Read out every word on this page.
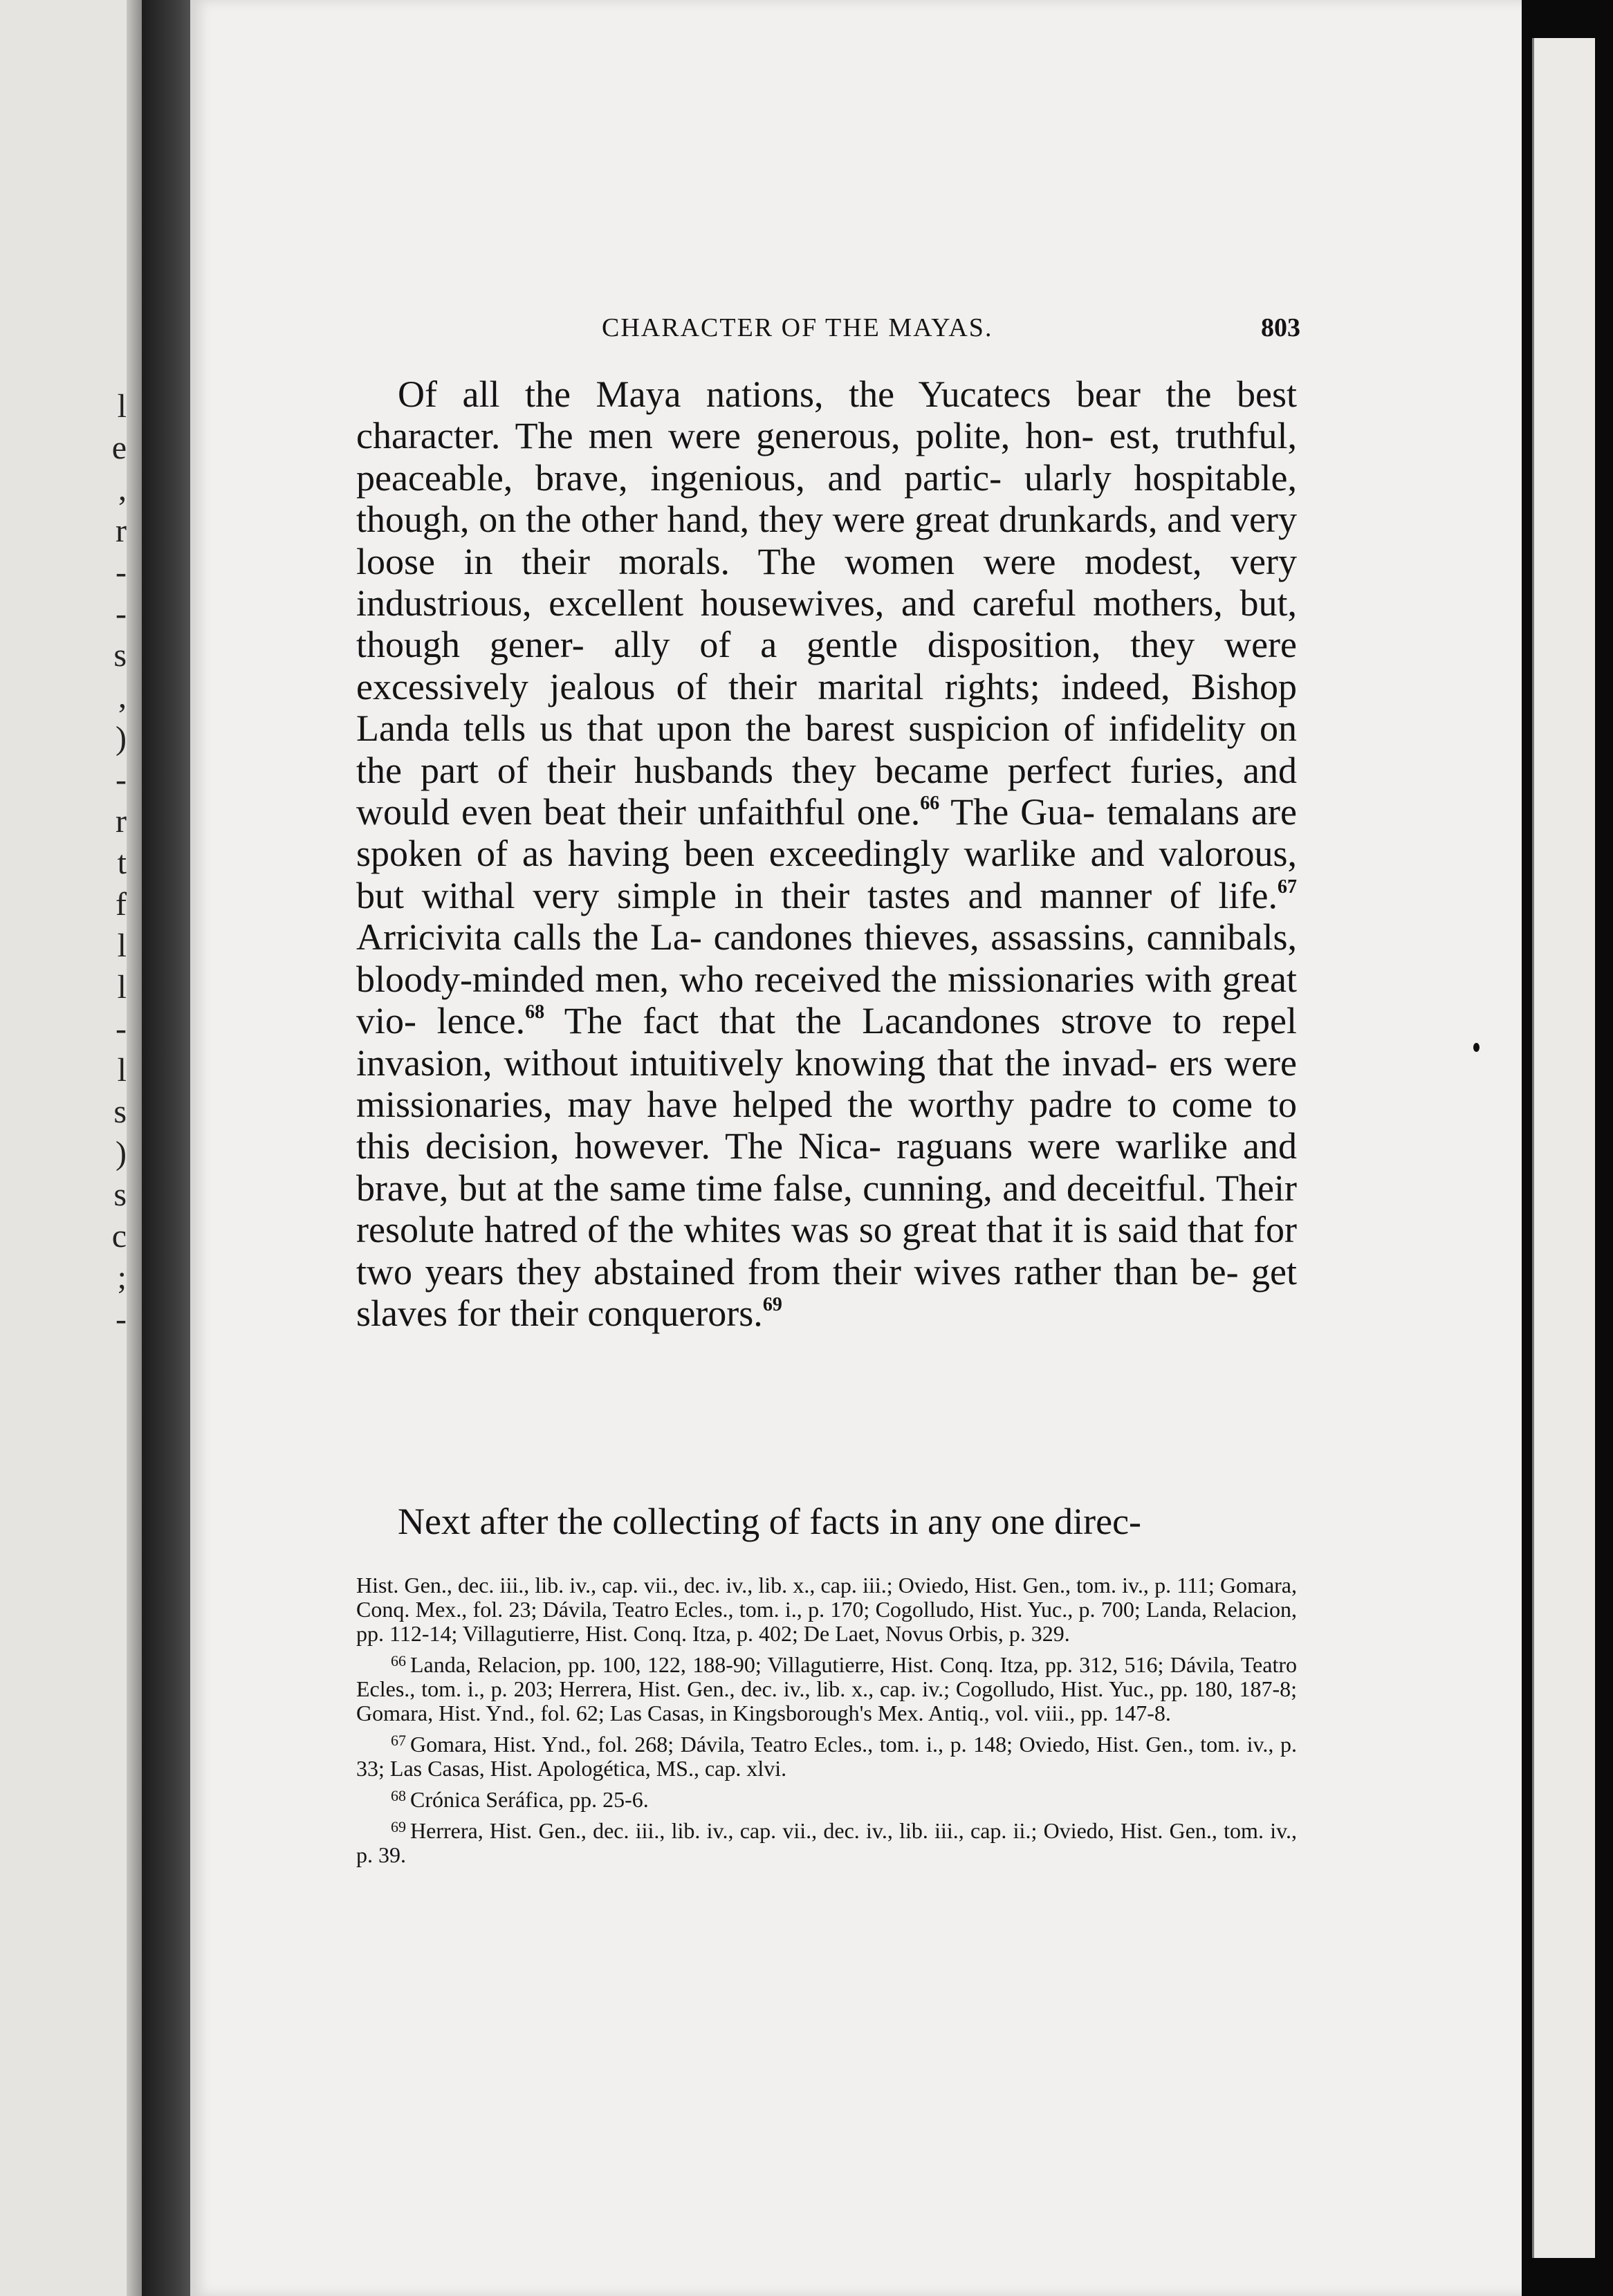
l
e
,
r
-
-
s
,
)
-
r
t
f
l
l
-
l
s
)
s
c
;
-
CHARACTER OF THE MAYAS.	803

Of all the Maya nations, the Yucatecs bear the best character. The men were generous, polite, hon- est, truthful, peaceable, brave, ingenious, and partic- ularly hospitable, though, on the other hand, they were great drunkards, and very loose in their morals. The women were modest, very industrious, excellent housewives, and careful mothers, but, though gener- ally of a gentle disposition, they were excessively jealous of their marital rights; indeed, Bishop Landa tells us that upon the barest suspicion of infidelity on the part of their husbands they became perfect furies, and would even beat their unfaithful one.$^{66}$ The Gua- temalans are spoken of as having been exceedingly warlike and valorous, but withal very simple in their tastes and manner of life.$^{67}$ Arricivita calls the La- candones thieves, assassins, cannibals, bloody-minded men, who received the missionaries with great vio- lence.$^{68}$ The fact that the Lacandones strove to repel invasion, without intuitively knowing that the invad- ers were missionaries, may have helped the worthy padre to come to this decision, however. The Nica- raguans were warlike and brave, but at the same time false, cunning, and deceitful. Their resolute hatred of the whites was so great that it is said that for two years they abstained from their wives rather than be- get slaves for their conquerors.$^{69}$

Next after the collecting of facts in any one direc-

Hist. Gen., dec. iii., lib. iv., cap. vii., dec. iv., lib. x., cap. iii.; Oviedo, Hist. Gen., tom. iv., p. 111; Gomara, Conq. Mex., fol. 23; Dávila, Teatro Ecles., tom. i., p. 170; Cogolludo, Hist. Yuc., p. 700; Landa, Relacion, pp. 112-14; Villagutierre, Hist. Conq. Itza, p. 402; De Laet, Novus Orbis, p. 329.

$^{66}$ Landa, Relacion, pp. 100, 122, 188-90; Villagutierre, Hist. Conq. Itza, pp. 312, 516; Dávila, Teatro Ecles., tom. i., p. 203; Herrera, Hist. Gen., dec. iv., lib. x., cap. iv.; Cogolludo, Hist. Yuc., pp. 180, 187-8; Gomara, Hist. Ynd., fol. 62; Las Casas, in Kingsborough's Mex. Antiq., vol. viii., pp. 147-8.

$^{67}$ Gomara, Hist. Ynd., fol. 268; Dávila, Teatro Ecles., tom. i., p. 148; Oviedo, Hist. Gen., tom. iv., p. 33; Las Casas, Hist. Apologética, MS., cap. xlvi.

$^{68}$ Crónica Seráfica, pp. 25-6.

$^{69}$ Herrera, Hist. Gen., dec. iii., lib. iv., cap. vii., dec. iv., lib. iii., cap. ii.; Oviedo, Hist. Gen., tom. iv., p. 39.
